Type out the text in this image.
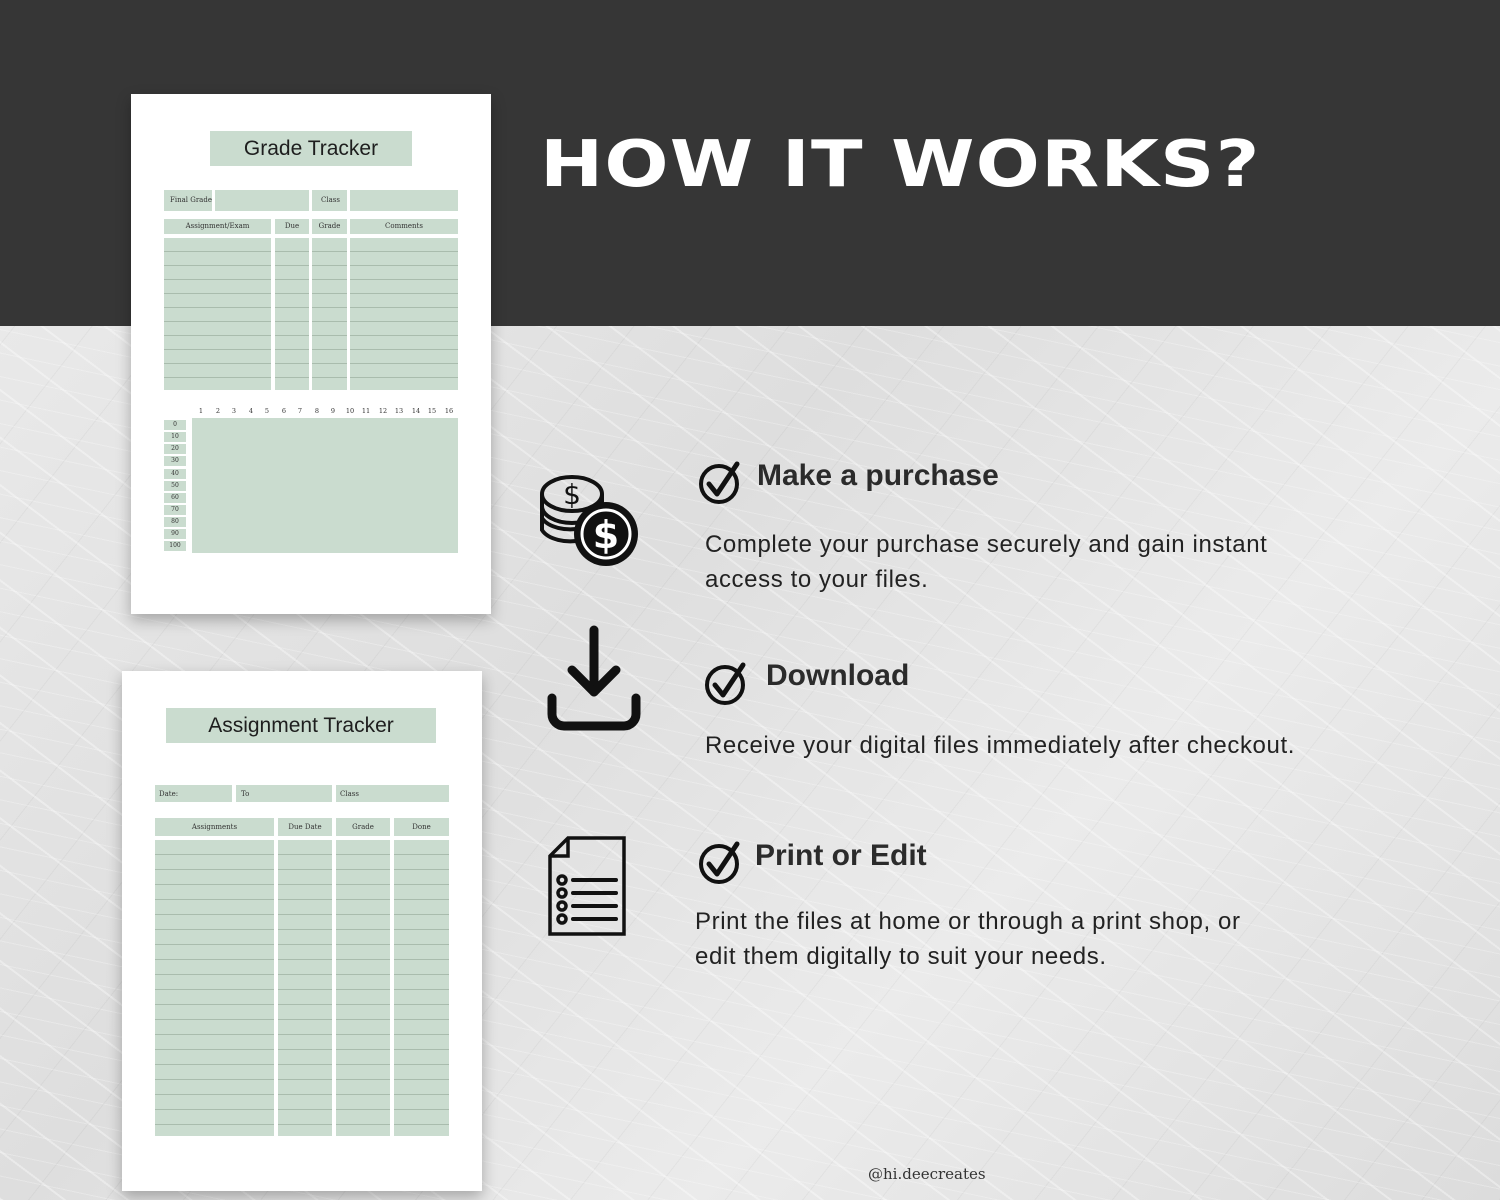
HOW IT WORKS?
Grade Tracker
Final Grade	Class
Assignment/Exam	Due	Grade	Comments
1	2	3	4	5	6	7	8	9	10	11	12	13	14	15	16
0
10
20
30
40
50
60
70
80
90
100
Assignment Tracker
Date:	To	Class
Assignments	Due Date	Grade	Done
$
$

Make a purchase

Complete your purchase securely and gain instant

access to your files.

Download

Receive your digital files immediately after checkout.

Print or Edit

Print the files at home or through a print shop, or

edit them digitally to suit your needs.

@hi.deecreates
